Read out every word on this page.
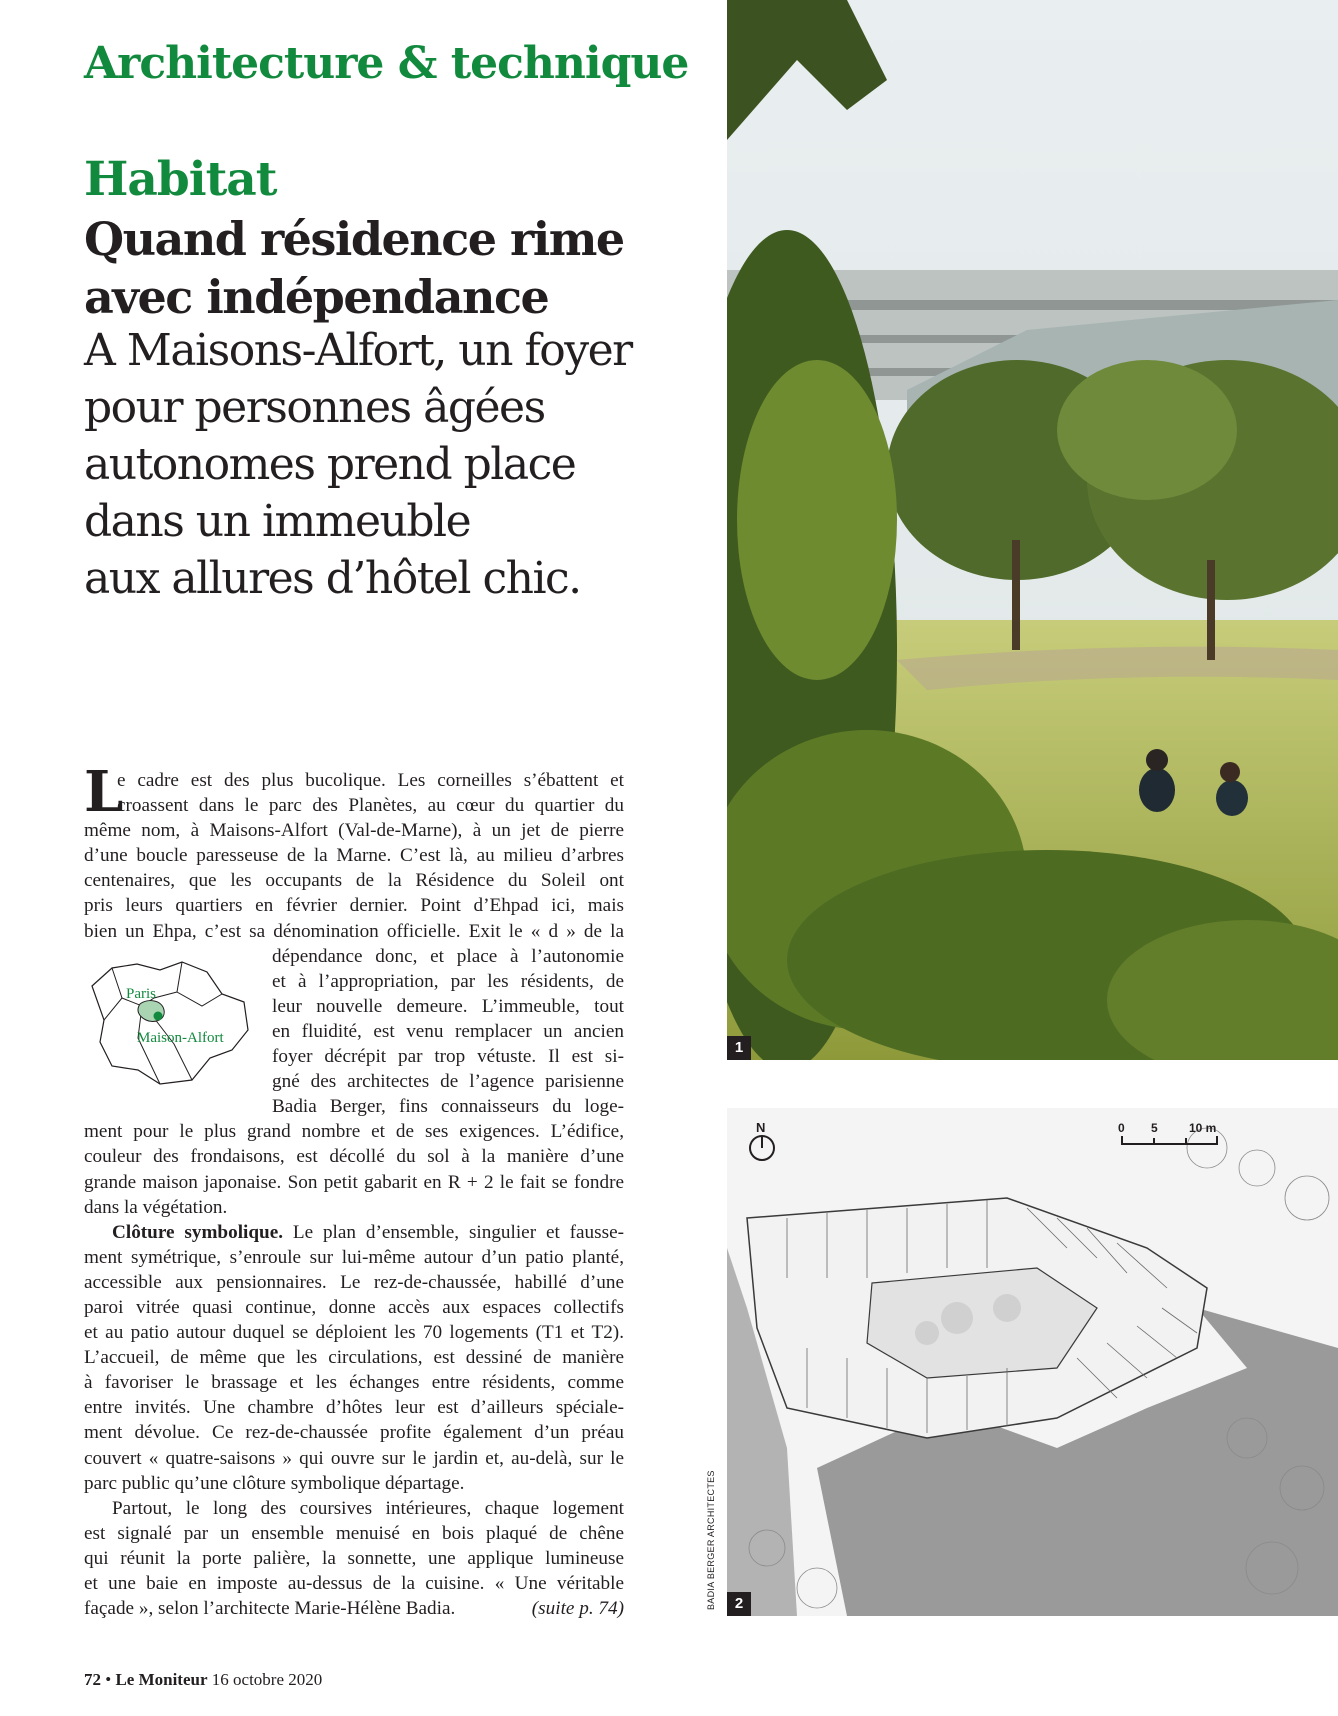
Architecture & technique
Habitat
Quand résidence rime
avec indépendance
A Maisons-Alfort, un foyer
pour personnes âgées
autonomes prend place
dans un immeuble
aux allures d’hôtel chic.
L
e cadre est des plus bucolique. Les corneilles s’ébattent et
croassent dans le parc des Planètes, au cœur du quartier du
même nom, à Maisons-Alfort (Val-de-Marne), à un jet de pierre
d’une boucle paresseuse de la Marne. C’est là, au milieu d’arbres
centenaires, que les occupants de la Résidence du Soleil ont
pris leurs quartiers en février dernier. Point d’Ehpad ici, mais
bien un Ehpa, c’est sa dénomination officielle. Exit le « d » de la
dépendance donc, et place à l’autonomie
et à l’appropriation, par les résidents, de
leur nouvelle demeure. L’immeuble, tout
en fluidité, est venu remplacer un ancien
foyer décrépit par trop vétuste. Il est si-
gné des architectes de l’agence parisienne
Badia Berger, fins connaisseurs du loge-
ment pour le plus grand nombre et de ses exigences. L’édifice,
couleur des frondaisons, est décollé du sol à la manière d’une
grande maison japonaise. Son petit gabarit en R + 2 le fait se fondre
dans la végétation.
Clôture symbolique. Le plan d’ensemble, singulier et fausse-
ment symétrique, s’enroule sur lui-même autour d’un patio planté,
accessible aux pensionnaires. Le rez-de-chaussée, habillé d’une
paroi vitrée quasi continue, donne accès aux espaces collectifs
et au patio autour duquel se déploient les 70 logements (T1 et T2).
L’accueil, de même que les circulations, est dessiné de manière
à favoriser le brassage et les échanges entre résidents, comme
entre invités. Une chambre d’hôtes leur est d’ailleurs spéciale-
ment dévolue. Ce rez-de-chaussée profite également d’un préau
couvert « quatre-saisons » qui ouvre sur le jardin et, au-delà, sur le
parc public qu’une clôture symbolique départage.
Partout, le long des coursives intérieures, chaque logement
est signalé par un ensemble menuisé en bois plaqué de chêne
qui réunit la porte palière, la sonnette, une applique lumineuse
et une baie en imposte au-dessus de la cuisine. « Une véritable
façade », selon l’architecte Marie-Hélène Badia.	(suite p. 74)
Paris
Maison-Alfort
1
N	0 5	10 m
2
BADIA BERGER ARCHITECTES
72 • Le Moniteur 16 octobre 2020
